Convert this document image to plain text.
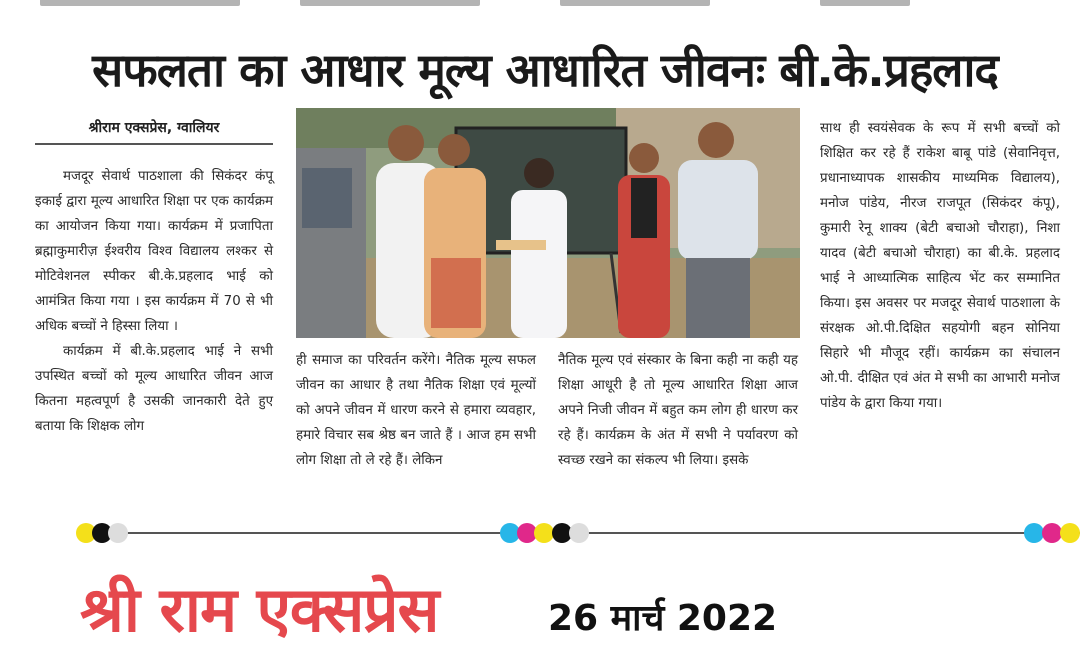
सफलता का आधार मूल्य आधारित जीवनः बी.के.प्रहलाद
श्रीराम एक्सप्रेस, ग्वालियर

मजदूर सेवार्थ पाठशाला की सिकंदर कंपू इकाई द्वारा मूल्य आधारित शिक्षा पर एक कार्यक्रम का आयोजन किया गया। कार्यक्रम में प्रजापिता ब्रह्माकुमारीज़ ईश्वरीय विश्व विद्यालय लश्कर से मोटिवेशनल स्पीकर बी.के.प्रहलाद भाई को आमंत्रित किया गया । इस कार्यक्रम में 70 से भी अधिक बच्चों ने हिस्सा लिया ।

कार्यक्रम में बी.के.प्रहलाद भाई ने सभी उपस्थित बच्चों को मूल्य आधारित जीवन आज कितना महत्वपूर्ण है उसकी जानकारी देते हुए बताया कि शिक्षक लोग

ही समाज का परिवर्तन करेंगे। नैतिक मूल्य सफल जीवन का आधार है तथा नैतिक शिक्षा एवं मूल्यों को अपने जीवन में धारण करने से हमारा व्यवहार, हमारे विचार सब श्रेष्ठ बन जाते हैं । आज हम सभी लोग शिक्षा तो ले रहे हैं। लेकिन

नैतिक मूल्य एवं संस्कार के बिना कही ना कही यह शिक्षा आधूरी है तो मूल्य आधारित शिक्षा आज अपने निजी जीवन में बहुत कम लोग ही धारण कर रहे हैं। कार्यक्रम के अंत में सभी ने पर्यावरण को स्वच्छ रखने का संकल्प भी लिया। इसके

साथ ही स्वयंसेवक के रूप में सभी बच्चों को शिक्षित कर रहे हैं राकेश बाबू पांडे (सेवानिवृत्त, प्रधानाध्यापक शासकीय माध्यमिक विद्यालय), मनोज पांडेय, नीरज राजपूत (सिकंदर कंपू), कुमारी रेनू शाक्य (बेटी बचाओ चौराहा), निशा यादव (बेटी बचाओ चौराहा) का बी.के. प्रहलाद भाई ने आध्यात्मिक साहित्य भेंट कर सम्मानित किया। इस अवसर पर मजदूर सेवार्थ पाठशाला के संरक्षक ओ.पी.दिक्षित सहयोगी बहन सोनिया सिहारे भी मौजूद रहीं। कार्यक्रम का संचालन ओ.पी. दीक्षित एवं अंत मे सभी का आभारी मनोज पांडेय के द्वारा किया गया।

श्री राम एक्सप्रेस	26 मार्च 2022
